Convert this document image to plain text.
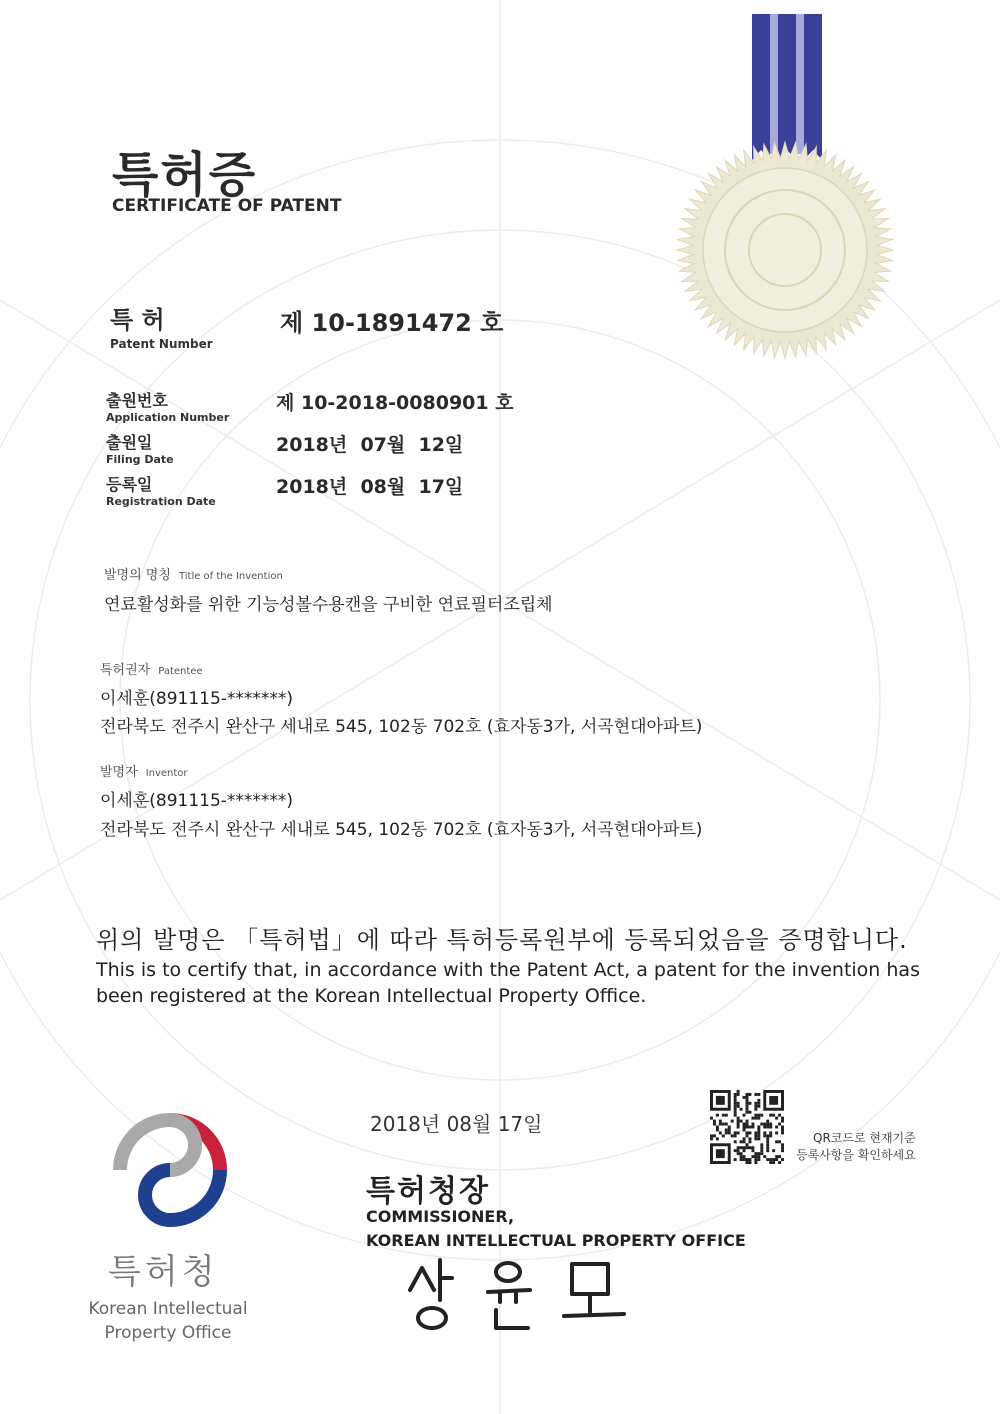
특허증
CERTIFICATE OF PATENT
특 허
Patent Number
제 10-1891472 호
출원번호
Application Number
제 10-2018-0080901 호
출원일
Filing Date
2018년  07월  12일
등록일
Registration Date
2018년  08월  17일
발명의 명칭 Title of the Invention
연료활성화를 위한 기능성볼수용캔을 구비한 연료필터조립체
특허권자 Patentee
이세훈(891115-*******)
전라북도 전주시 완산구 세내로 545, 102동 702호 (효자동3가, 서곡현대아파트)
발명자 Inventor
이세훈(891115-*******)
전라북도 전주시 완산구 세내로 545, 102동 702호 (효자동3가, 서곡현대아파트)
위의 발명은 「특허법」에 따라 특허등록원부에 등록되었음을 증명합니다.
This is to certify that, in accordance with the Patent Act, a patent for the invention has been registered at the Korean Intellectual Property Office.
2018년 08월 17일
QR코드로 현재기준
등록사항을 확인하세요
특허청장
COMMISSIONER,
KOREAN INTELLECTUAL PROPERTY OFFICE
특허청
Korean Intellectual
Property Office
